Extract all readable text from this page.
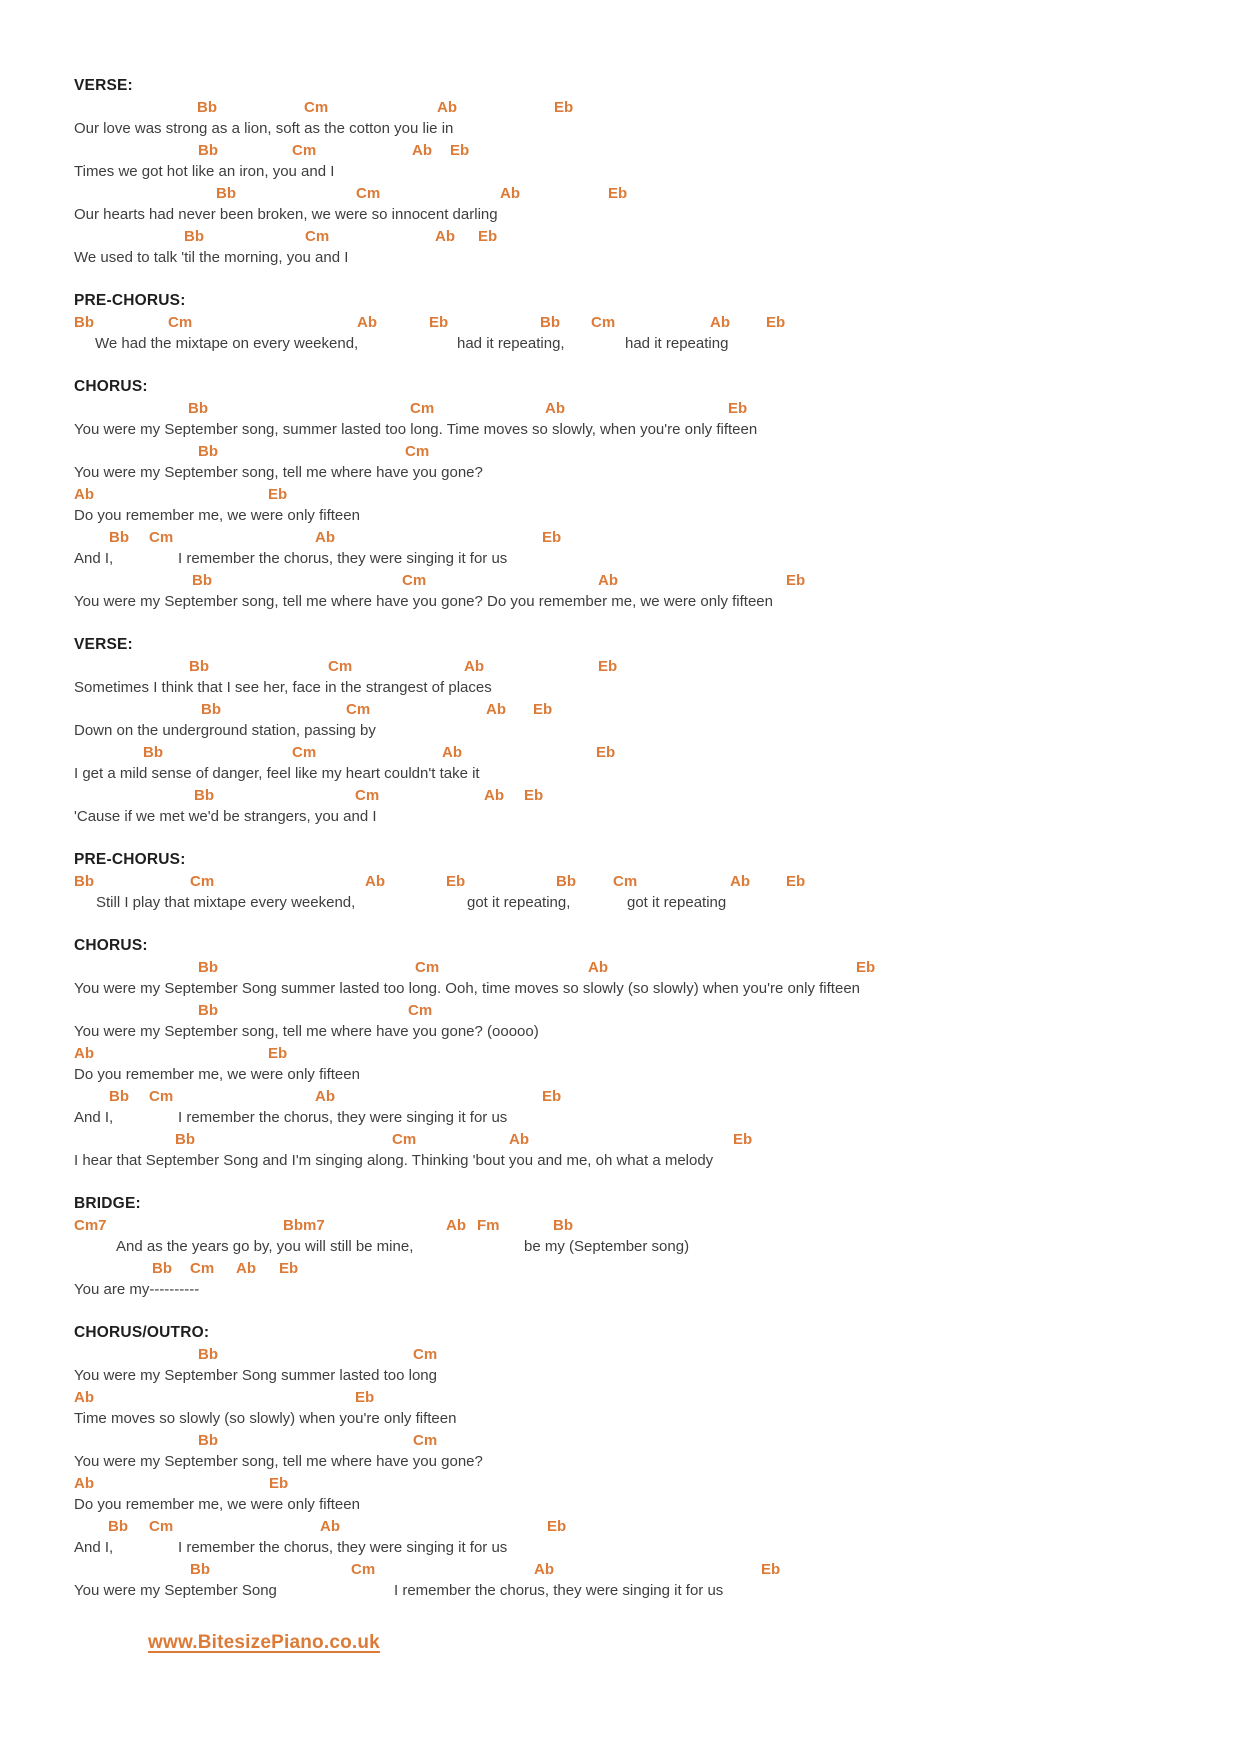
VERSE:
Bb	Cm	Ab	Eb
Our love was strong as a lion, soft as the cotton you lie in
Bb	Cm	Ab Eb
Times we got hot like an iron, you and I
Bb	Cm	Ab	Eb
Our hearts had never been broken, we were so innocent darling
Bb	Cm	Ab Eb
We used to talk 'til the morning, you and I
PRE-CHORUS:
Bb	Cm	Ab	Eb	Bb Cm	Ab Eb
We had the mixtape on every weekend,	had it repeating,	had it repeating
CHORUS:
Bb	Cm	Ab	Eb
You were my September song, summer lasted too long. Time moves so slowly, when you're only fifteen
Bb	Cm
You were my September song, tell me where have you gone?
Ab	Eb
Do you remember me, we were only fifteen
Bb Cm	Ab	Eb
And I,	I remember the chorus, they were singing it for us
Bb	Cm	Ab	Eb
You were my September song, tell me where have you gone? Do you remember me, we were only fifteen
VERSE:
Bb	Cm	Ab	Eb
Sometimes I think that I see her, face in the strangest of places
Bb	Cm	Ab Eb
Down on the underground station, passing by
Bb	Cm	Ab	Eb
I get a mild sense of danger, feel like my heart couldn't take it
Bb	Cm	Ab Eb
'Cause if we met we'd be strangers, you and I
PRE-CHORUS:
Bb	Cm	Ab	Eb	Bb Cm	Ab Eb
Still I play that mixtape every weekend,	got it repeating,	got it repeating
CHORUS:
Bb	Cm	Ab	Eb
You were my September Song summer lasted too long. Ooh, time moves so slowly (so slowly) when you're only fifteen
Bb	Cm
You were my September song, tell me where have you gone? (ooooo)
Ab	Eb
Do you remember me, we were only fifteen
Bb Cm	Ab	Eb
And I,	I remember the chorus, they were singing it for us
Bb	Cm	Ab	Eb
I hear that September Song and I'm singing along. Thinking 'bout you and me, oh what a melody
BRIDGE:
Cm7	Bbm7	Ab Fm	Bb
And as the years go by, you will still be mine,	be my (September song)
Bb Cm Ab Eb
You are my----------
CHORUS/OUTRO:
Bb	Cm
You were my September Song summer lasted too long
Ab	Eb
Time moves so slowly (so slowly) when you're only fifteen
Bb	Cm
You were my September song, tell me where have you gone?
Ab	Eb
Do you remember me, we were only fifteen
Bb Cm	Ab	Eb
And I,	I remember the chorus, they were singing it for us
Bb	Cm	Ab	Eb
You were my September Song	I remember the chorus, they were singing it for us
www.BitesizePiano.co.uk
